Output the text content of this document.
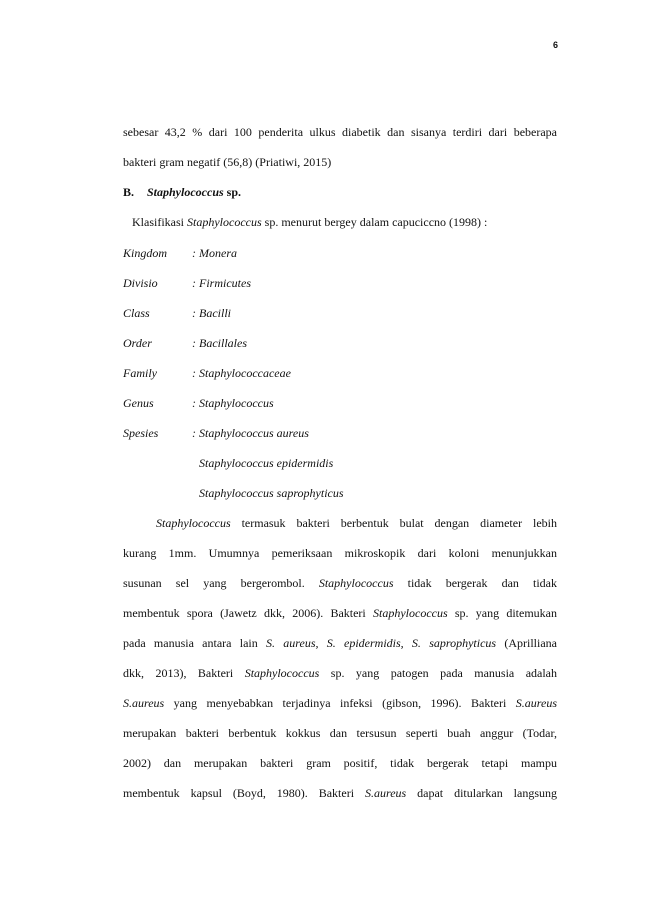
6
sebesar 43,2 % dari 100 penderita ulkus diabetik dan sisanya terdiri dari beberapa
bakteri gram negatif (56,8) (Priatiwi, 2015)
B. Staphylococcus sp.
Klasifikasi Staphylococcus sp. menurut bergey dalam capuciccno (1998) :
Kingdom : Monera
Divisio	: Firmicutes
Class	: Bacilli
Order	: Bacillales
Family	: Staphylococcaceae
Genus	: Staphylococcus
Spesies	: Staphylococcus aureus
Staphylococcus epidermidis
Staphylococcus saprophyticus
Staphylococcus termasuk bakteri berbentuk bulat dengan diameter lebih
kurang 1mm. Umumnya pemeriksaan mikroskopik dari koloni menunjukkan
susunan sel yang bergerombol. Staphylococcus tidak bergerak dan tidak
membentuk spora (Jawetz dkk, 2006). Bakteri Staphylococcus sp. yang ditemukan
pada manusia antara lain S. aureus, S. epidermidis, S. saprophyticus (Aprilliana
dkk, 2013), Bakteri Staphylococcus sp. yang patogen pada manusia adalah
S.aureus yang menyebabkan terjadinya infeksi (gibson, 1996). Bakteri S.aureus
merupakan bakteri berbentuk kokkus dan tersusun seperti buah anggur (Todar,
2002) dan merupakan bakteri gram positif, tidak bergerak tetapi mampu
membentuk kapsul (Boyd, 1980). Bakteri S.aureus dapat ditularkan langsung
